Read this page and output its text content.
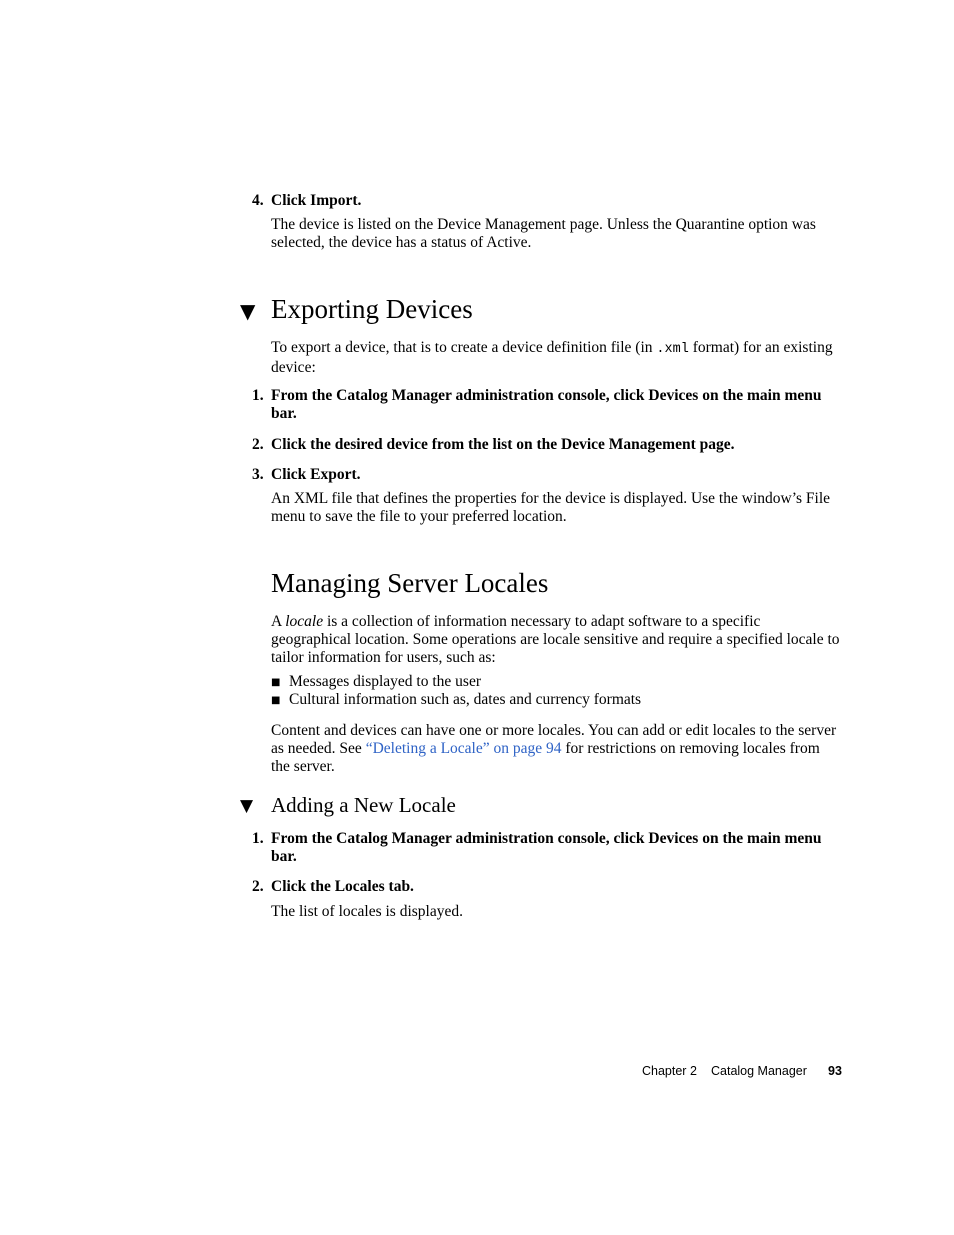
4. Click Import.
The device is listed on the Device Management page. Unless the Quarantine option was selected, the device has a status of Active.
▼ Exporting Devices
To export a device, that is to create a device definition file (in .xml format) for an existing device:
1. From the Catalog Manager administration console, click Devices on the main menu bar.
2. Click the desired device from the list on the Device Management page.
3. Click Export.
An XML file that defines the properties for the device is displayed. Use the window’s File menu to save the file to your preferred location.
Managing Server Locales
A locale is a collection of information necessary to adapt software to a specific geographical location. Some operations are locale sensitive and require a specified locale to tailor information for users, such as:
■ Messages displayed to the user
■ Cultural information such as, dates and currency formats
Content and devices can have one or more locales. You can add or edit locales to the server as needed. See “Deleting a Locale” on page 94 for restrictions on removing locales from the server.
▼ Adding a New Locale
1. From the Catalog Manager administration console, click Devices on the main menu bar.
2. Click the Locales tab.
The list of locales is displayed.
Chapter 2 Catalog Manager 93
